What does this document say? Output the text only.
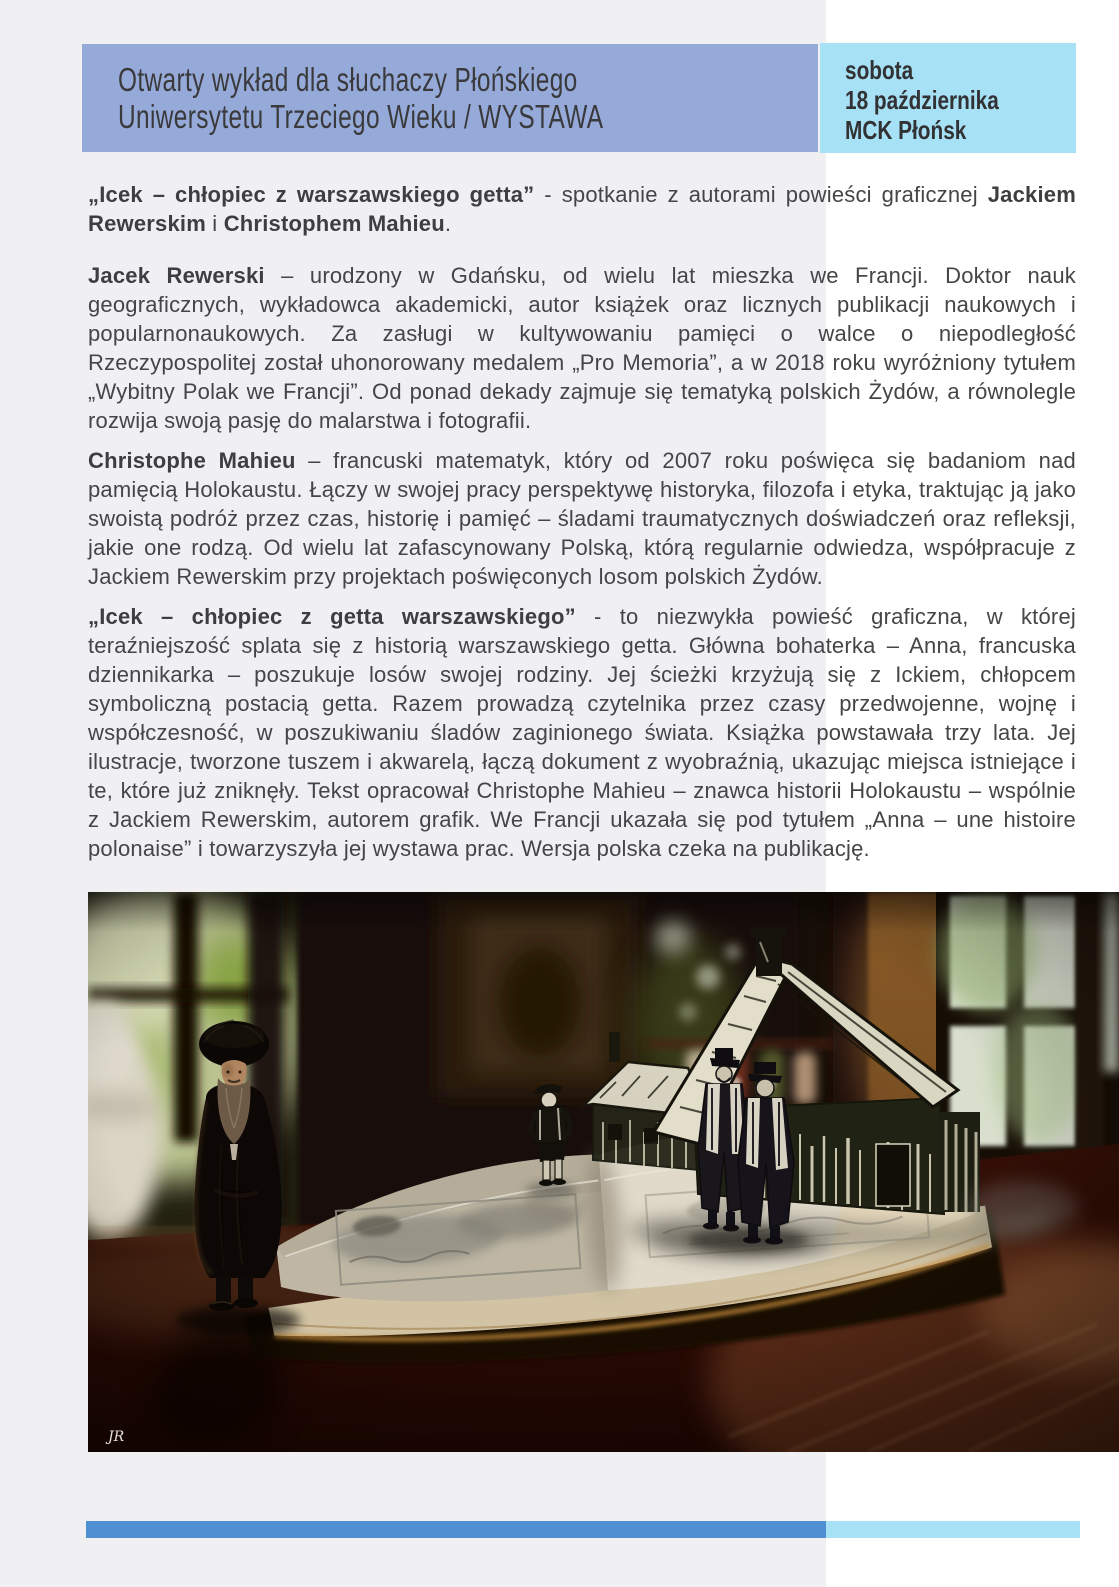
Otwarty wykład dla słuchaczy Płońskiego
Uniwersytetu Trzeciego Wieku / WYSTAWA
sobota
18 października
MCK Płońsk

„Icek – chłopiec z warszawskiego getta” - spotkanie z autorami powieści graficznej Jackiem Rewerskim i Christophem Mahieu.

Jacek Rewerski – urodzony w Gdańsku, od wielu lat mieszka we Francji. Doktor nauk geograficznych, wykładowca akademicki, autor książek oraz licznych publikacji naukowych i popularnonaukowych. Za zasługi w kultywowaniu pamięci o walce o niepodległość Rzeczypospolitej został uhonorowany medalem „Pro Memoria”, a w 2018 roku wyróżniony tytułem „Wybitny Polak we Francji”. Od ponad dekady zajmuje się tematyką polskich Żydów, a równolegle rozwija swoją pasję do malarstwa i fotografii.

Christophe Mahieu – francuski matematyk, który od 2007 roku poświęca się badaniom nad pamięcią Holokaustu. Łączy w swojej pracy perspektywę historyka, filozofa i etyka, traktując ją jako swoistą podróż przez czas, historię i pamięć – śladami traumatycznych doświadczeń oraz refleksji, jakie one rodzą. Od wielu lat zafascynowany Polską, którą regularnie odwiedza, współpracuje z Jackiem Rewerskim przy projektach poświęconych losom polskich Żydów.

„Icek – chłopiec z getta warszawskiego” - to niezwykła powieść graficzna, w której teraźniejszość splata się z historią warszawskiego getta. Główna bohaterka – Anna, francuska dziennikarka – poszukuje losów swojej rodziny. Jej ścieżki krzyżują się z Ickiem, chłopcem symboliczną postacią getta. Razem prowadzą czytelnika przez czasy przedwojenne, wojnę i współczesność, w poszukiwaniu śladów zaginionego świata. Książka powstawała trzy lata. Jej ilustracje, tworzone tuszem i akwarelą, łączą dokument z wyobraźnią, ukazując miejsca istniejące i te, które już zniknęły. Tekst opracował Christophe Mahieu – znawca historii Holokaustu – wspólnie z Jackiem Rewerskim, autorem grafik. We Francji ukazała się pod tytułem „Anna – une histoire polonaise” i towarzyszyła jej wystawa prac. Wersja polska czeka na publikację.

JR
